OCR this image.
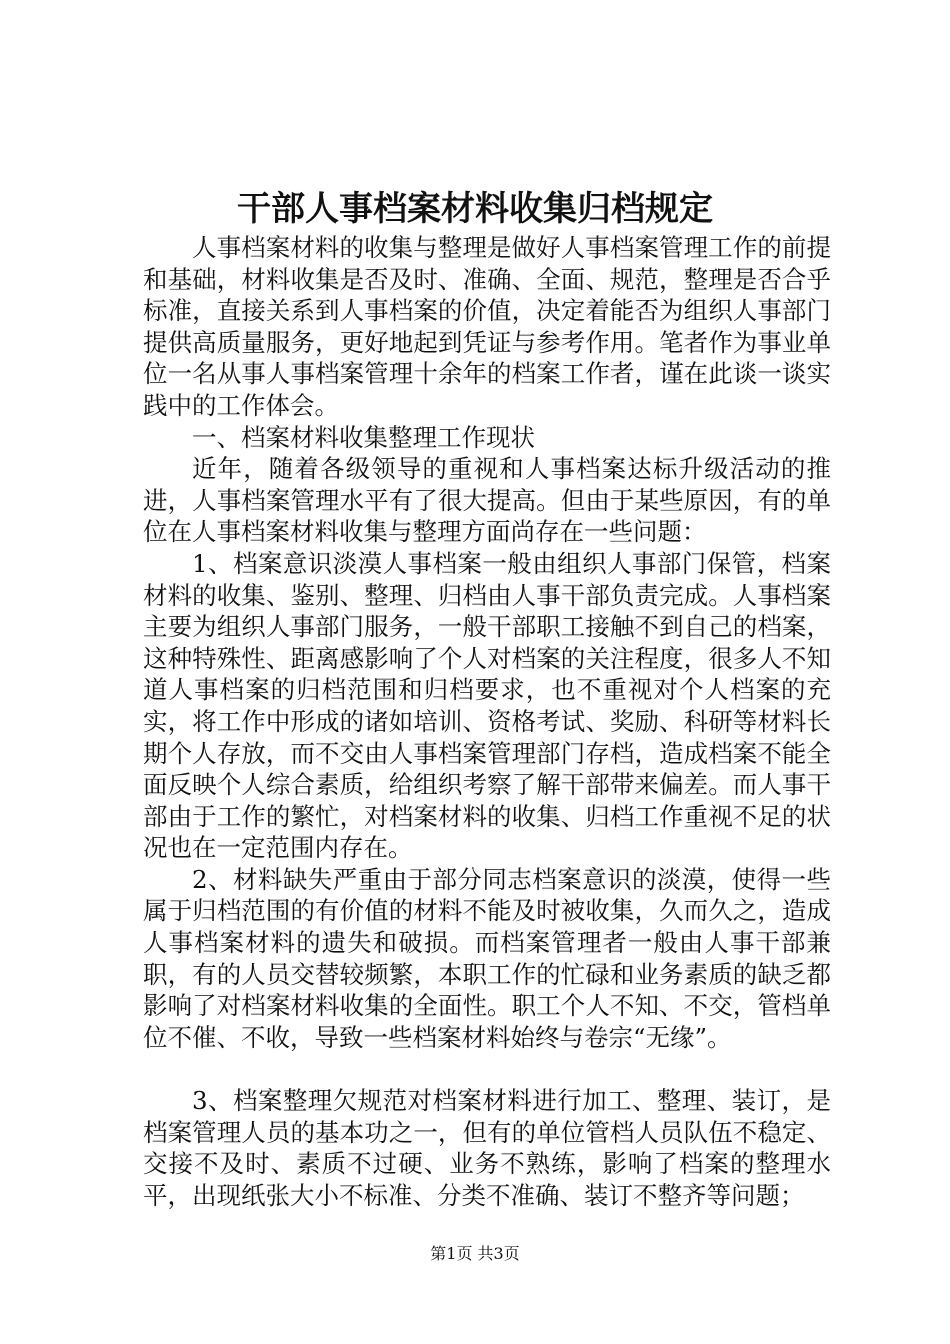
干部人事档案材料收集归档规定

人事档案材料的收集与整理是做好人事档案管理工作的前提和基础，材料收集是否及时、准确、全面、规范，整理是否合乎标准，直接关系到人事档案的价值，决定着能否为组织人事部门提供高质量服务，更好地起到凭证与参考作用。笔者作为事业单位一名从事人事档案管理十余年的档案工作者，谨在此谈一谈实践中的工作体会。

一、档案材料收集整理工作现状

近年，随着各级领导的重视和人事档案达标升级活动的推进，人事档案管理水平有了很大提高。但由于某些原因，有的单位在人事档案材料收集与整理方面尚存在一些问题：

1、档案意识淡漠人事档案一般由组织人事部门保管，档案材料的收集、鉴别、整理、归档由人事干部负责完成。人事档案主要为组织人事部门服务，一般干部职工接触不到自己的档案，这种特殊性、距离感影响了个人对档案的关注程度，很多人不知道人事档案的归档范围和归档要求，也不重视对个人档案的充实，将工作中形成的诸如培训、资格考试、奖励、科研等材料长期个人存放，而不交由人事档案管理部门存档，造成档案不能全面反映个人综合素质，给组织考察了解干部带来偏差。而人事干部由于工作的繁忙，对档案材料的收集、归档工作重视不足的状况也在一定范围内存在。

2、材料缺失严重由于部分同志档案意识的淡漠，使得一些属于归档范围的有价值的材料不能及时被收集，久而久之，造成人事档案材料的遗失和破损。而档案管理者一般由人事干部兼职，有的人员交替较频繁，本职工作的忙碌和业务素质的缺乏都影响了对档案材料收集的全面性。职工个人不知、不交，管档单位不催、不收，导致一些档案材料始终与卷宗“无缘”。

3、档案整理欠规范对档案材料进行加工、整理、装订，是档案管理人员的基本功之一，但有的单位管档人员队伍不稳定、交接不及时、素质不过硬、业务不熟练，影响了档案的整理水平，出现纸张大小不标准、分类不准确、装订不整齐等问题；

第1页 共3页
